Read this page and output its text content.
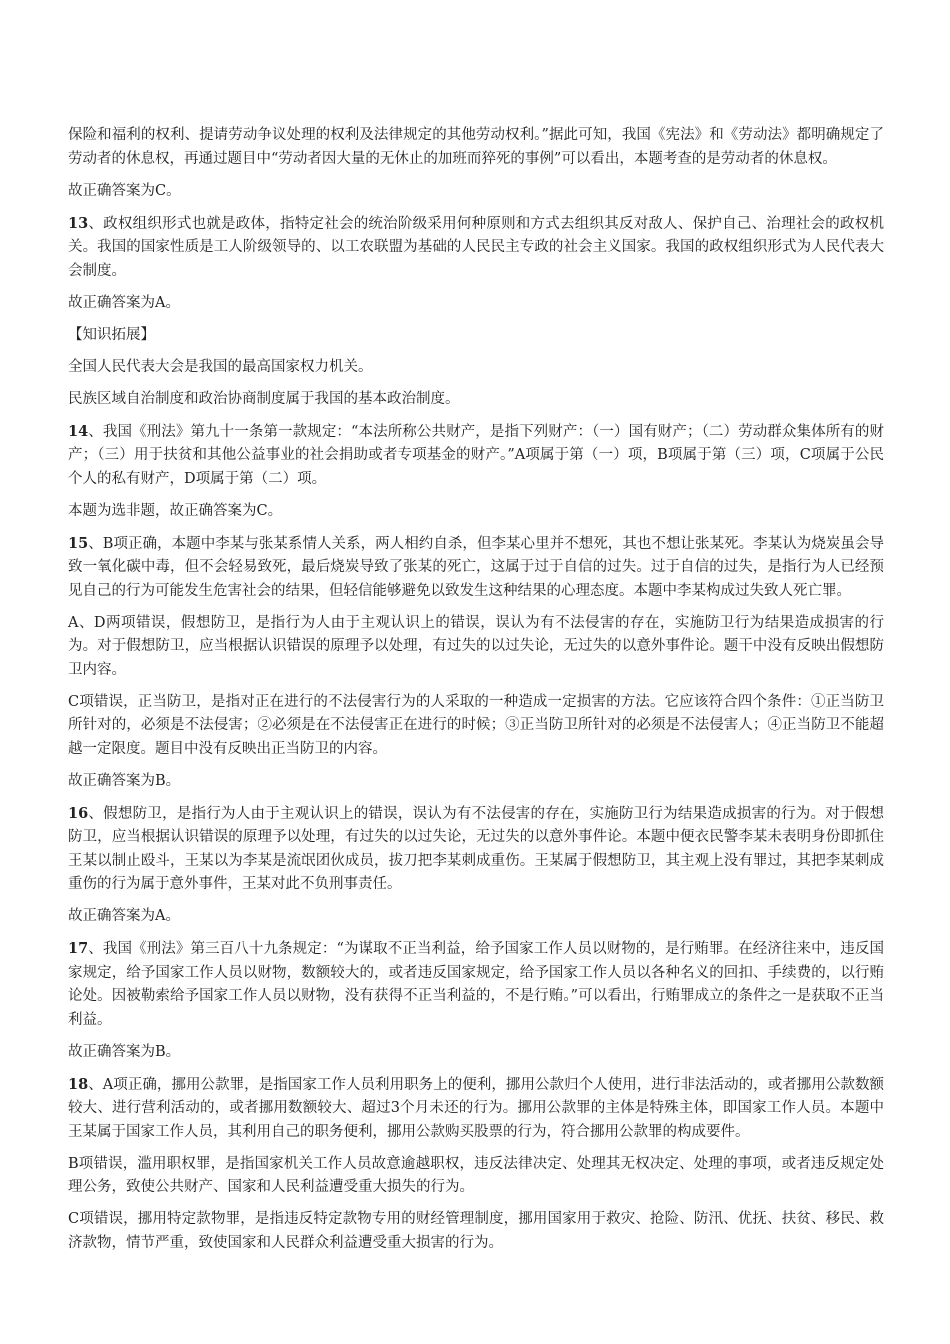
保险和福利的权利、提请劳动争议处理的权利及法律规定的其他劳动权利。”据此可知，我国《宪法》和《劳动法》都明确规定了劳动者的休息权，再通过题目中“劳动者因大量的无休止的加班而猝死的事例”可以看出，本题考查的是劳动者的休息权。

故正确答案为C。

13、政权组织形式也就是政体，指特定社会的统治阶级采用何种原则和方式去组织其反对敌人、保护自己、治理社会的政权机关。我国的国家性质是工人阶级领导的、以工农联盟为基础的人民民主专政的社会主义国家。我国的政权组织形式为人民代表大会制度。

故正确答案为A。

【知识拓展】

全国人民代表大会是我国的最高国家权力机关。

民族区域自治制度和政治协商制度属于我国的基本政治制度。

14、我国《刑法》第九十一条第一款规定：“本法所称公共财产，是指下列财产：（一）国有财产；（二）劳动群众集体所有的财产；（三）用于扶贫和其他公益事业的社会捐助或者专项基金的财产。”A项属于第（一）项，B项属于第（三）项，C项属于公民个人的私有财产，D项属于第（二）项。

本题为选非题，故正确答案为C。

15、B项正确，本题中李某与张某系情人关系，两人相约自杀，但李某心里并不想死，其也不想让张某死。李某认为烧炭虽会导致一氧化碳中毒，但不会轻易致死，最后烧炭导致了张某的死亡，这属于过于自信的过失。过于自信的过失，是指行为人已经预见自己的行为可能发生危害社会的结果，但轻信能够避免以致发生这种结果的心理态度。本题中李某构成过失致人死亡罪。

A、D两项错误，假想防卫，是指行为人由于主观认识上的错误，误认为有不法侵害的存在，实施防卫行为结果造成损害的行为。对于假想防卫，应当根据认识错误的原理予以处理，有过失的以过失论，无过失的以意外事件论。题干中没有反映出假想防卫内容。

C项错误，正当防卫，是指对正在进行的不法侵害行为的人采取的一种造成一定损害的方法。它应该符合四个条件：①正当防卫所针对的，必须是不法侵害；②必须是在不法侵害正在进行的时候；③正当防卫所针对的必须是不法侵害人；④正当防卫不能超越一定限度。题目中没有反映出正当防卫的内容。

故正确答案为B。

16、假想防卫，是指行为人由于主观认识上的错误，误认为有不法侵害的存在，实施防卫行为结果造成损害的行为。对于假想防卫，应当根据认识错误的原理予以处理，有过失的以过失论，无过失的以意外事件论。本题中便衣民警李某未表明身份即抓住王某以制止殴斗，王某以为李某是流氓团伙成员，拔刀把李某刺成重伤。王某属于假想防卫，其主观上没有罪过，其把李某刺成重伤的行为属于意外事件，王某对此不负刑事责任。

故正确答案为A。

17、我国《刑法》第三百八十九条规定：“为谋取不正当利益，给予国家工作人员以财物的，是行贿罪。在经济往来中，违反国家规定，给予国家工作人员以财物，数额较大的，或者违反国家规定，给予国家工作人员以各种名义的回扣、手续费的，以行贿论处。因被勒索给予国家工作人员以财物，没有获得不正当利益的，不是行贿。”可以看出，行贿罪成立的条件之一是获取不正当利益。

故正确答案为B。

18、A项正确，挪用公款罪，是指国家工作人员利用职务上的便利，挪用公款归个人使用，进行非法活动的，或者挪用公款数额较大、进行营利活动的，或者挪用数额较大、超过3个月未还的行为。挪用公款罪的主体是特殊主体，即国家工作人员。本题中王某属于国家工作人员，其利用自己的职务便利，挪用公款购买股票的行为，符合挪用公款罪的构成要件。

B项错误，滥用职权罪，是指国家机关工作人员故意逾越职权，违反法律决定、处理其无权决定、处理的事项，或者违反规定处理公务，致使公共财产、国家和人民利益遭受重大损失的行为。

C项错误，挪用特定款物罪，是指违反特定款物专用的财经管理制度，挪用国家用于救灾、抢险、防汛、优抚、扶贫、移民、救济款物，情节严重，致使国家和人民群众利益遭受重大损害的行为。
